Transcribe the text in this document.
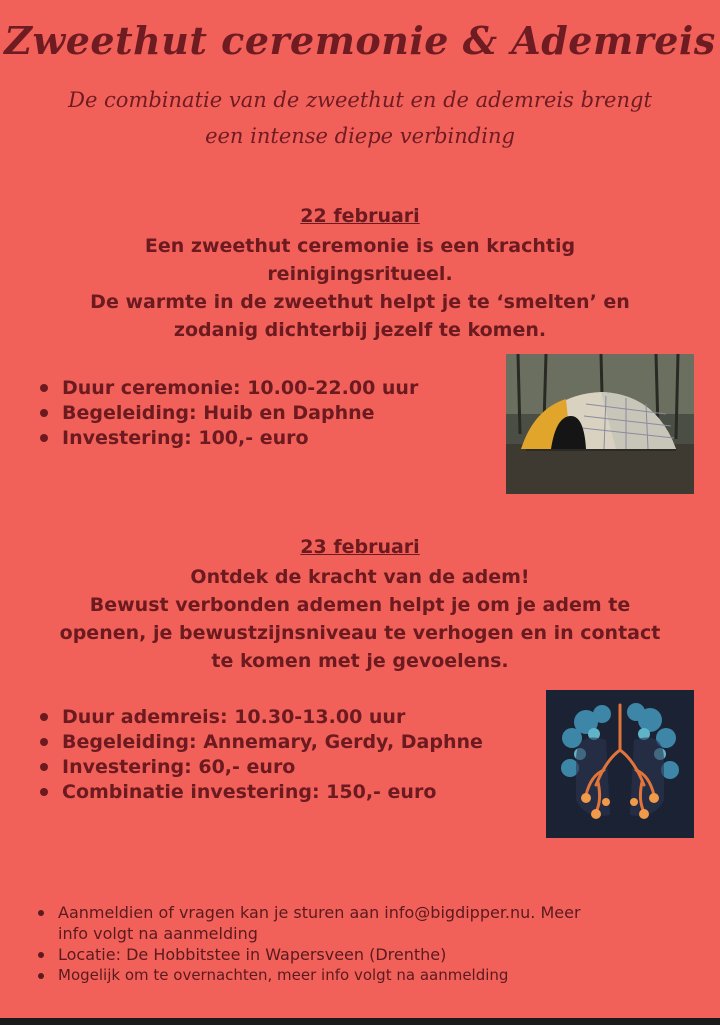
Zweethut ceremonie & Ademreis
De combinatie van de zweethut en de ademreis brengt
een intense diepe verbinding
22 februari
Een zweethut ceremonie is een krachtig
reinigingsritueel.
De warmte in de zweethut helpt je te ‘smelten’ en
zodanig dichterbij jezelf te komen.
Duur ceremonie: 10.00-22.00 uur
Begeleiding: Huib en Daphne
Investering: 100,- euro
23 februari
Ontdek de kracht van de adem!
Bewust verbonden ademen helpt je om je adem te
openen, je bewustzijnsniveau te verhogen en in contact
te komen met je gevoelens.
Duur ademreis: 10.30-13.00 uur
Begeleiding: Annemary, Gerdy, Daphne
Investering: 60,- euro
Combinatie investering: 150,- euro
Aanmeldien of vragen kan je sturen aan info@bigdipper.nu. Meer
info volgt na aanmelding
Locatie: De Hobbitstee in Wapersveen (Drenthe)
Mogelijk om te overnachten, meer info volgt na aanmelding
